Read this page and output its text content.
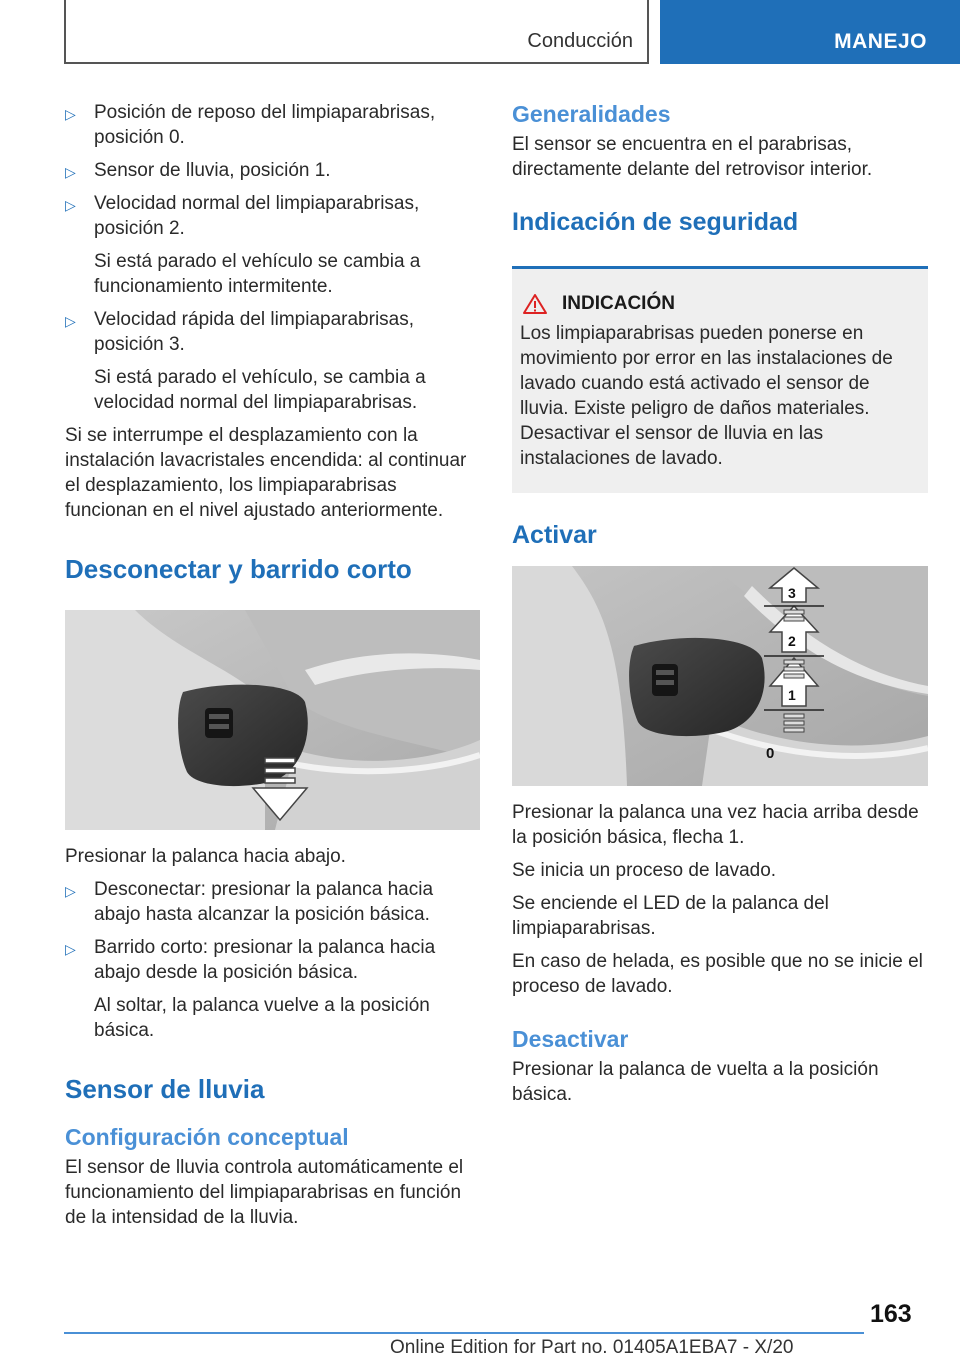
Conducción	MANEJO
▷ Posición de reposo del limpiaparabrisas, posición 0.

▷ Sensor de lluvia, posición 1.

▷ Velocidad normal del limpiaparabrisas, posición 2.

Si está parado el vehículo se cambia a funcionamiento intermitente.

▷ Velocidad rápida del limpiaparabrisas, posición 3.

Si está parado el vehículo, se cambia a velocidad normal del limpiaparabrisas.

Si se interrumpe el desplazamiento con la instalación lavacristales encendida: al continuar el desplazamiento, los limpiaparabrisas funcionan en el nivel ajustado anteriormente.

Desconectar y barrido corto

Presionar la palanca hacia abajo.

▷ Desconectar: presionar la palanca hacia abajo hasta alcanzar la posición básica.

▷ Barrido corto: presionar la palanca hacia abajo desde la posición básica.

Al soltar, la palanca vuelve a la posición básica.

Sensor de lluvia
Configuración conceptual

El sensor de lluvia controla automáticamente el funcionamiento del limpiaparabrisas en función de la intensidad de la lluvia.

Generalidades

El sensor se encuentra en el parabrisas, directamente delante del retrovisor interior.

Indicación de seguridad
INDICACIÓN

Los limpiaparabrisas pueden ponerse en movimiento por error en las instalaciones de lavado cuando está activado el sensor de lluvia. Existe peligro de daños materiales. Desactivar el sensor de lluvia en las instalaciones de lavado.

Activar
3
2
1
0

Presionar la palanca una vez hacia arriba desde la posición básica, flecha 1.

Se inicia un proceso de lavado.

Se enciende el LED de la palanca del limpiaparabrisas.

En caso de helada, es posible que no se inicie el proceso de lavado.

Desactivar

Presionar la palanca de vuelta a la posición básica.

163
Online Edition for Part no. 01405A1EBA7 - X/20
